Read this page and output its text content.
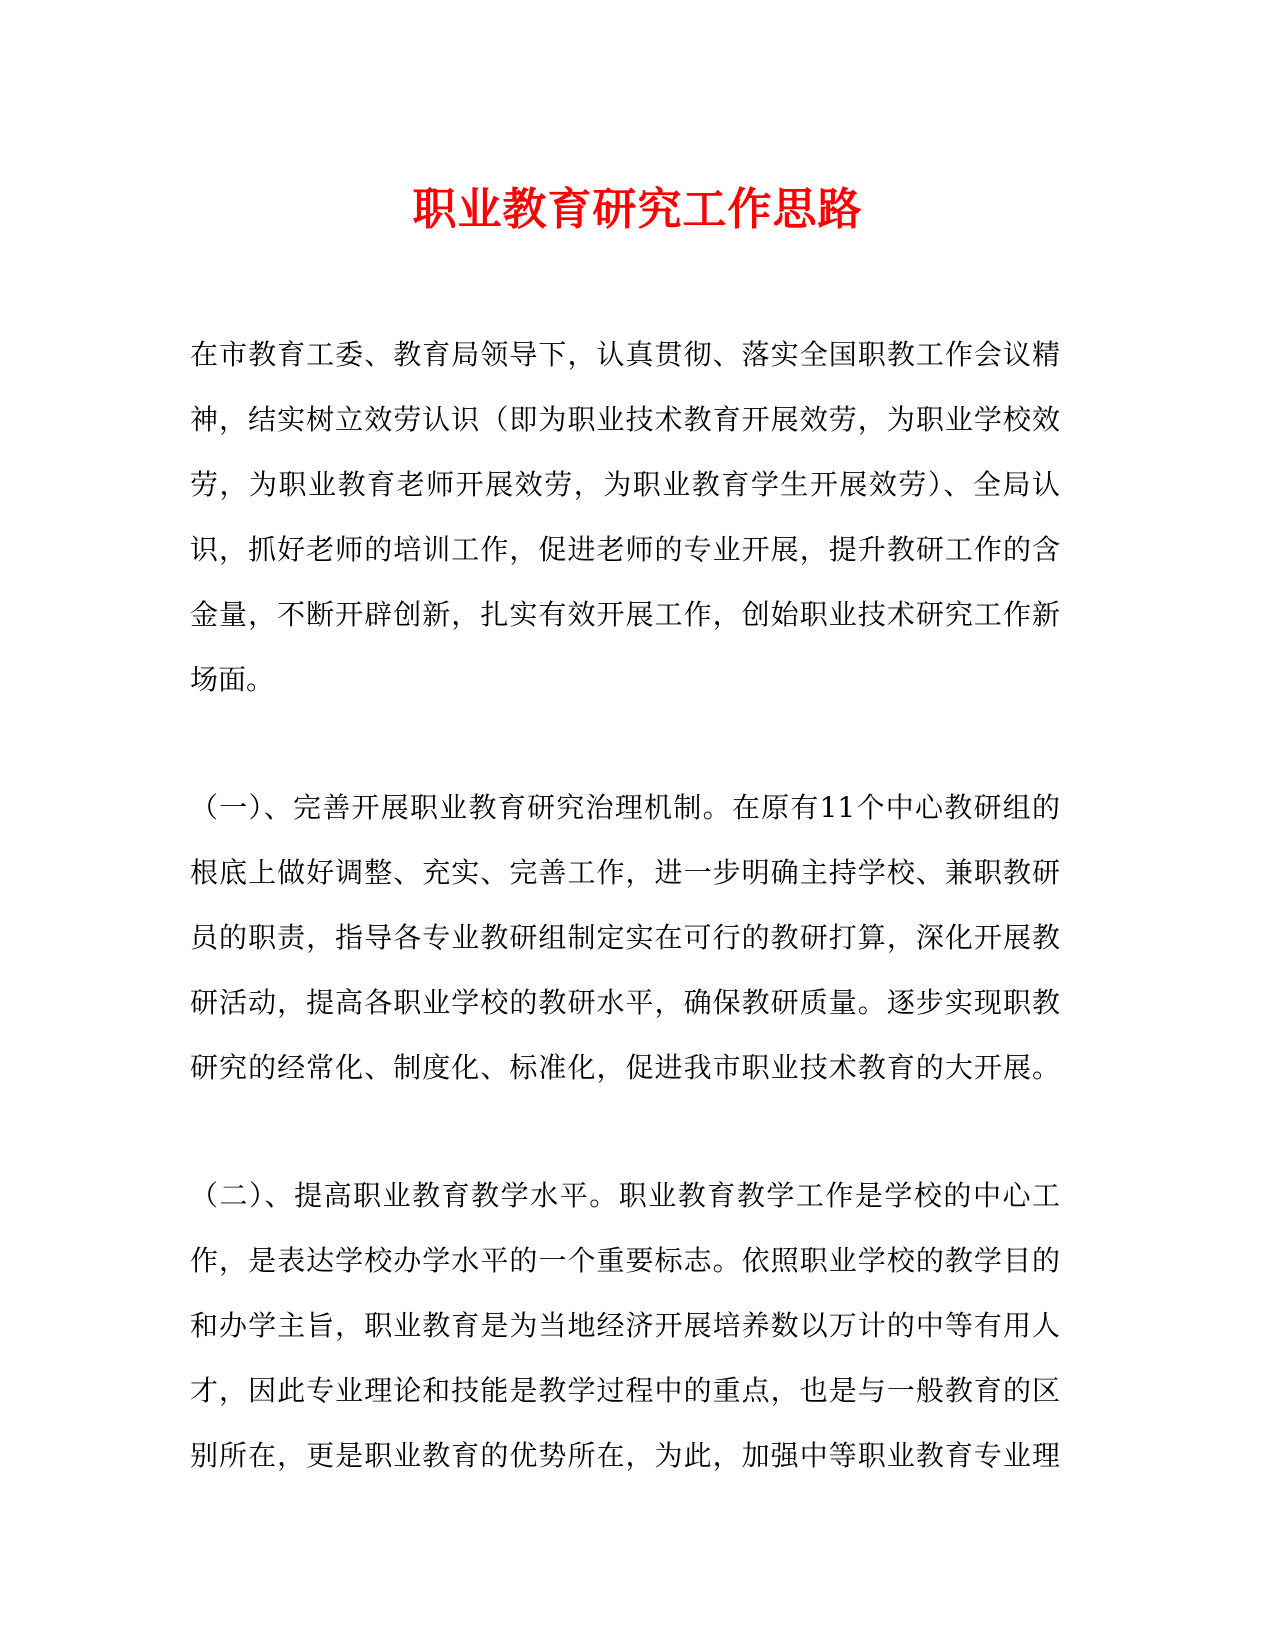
职业教育研究工作思路
在市教育工委、教育局领导下，认真贯彻、落实全国职教工作会议精
神，结实树立效劳认识（即为职业技术教育开展效劳，为职业学校效
劳，为职业教育老师开展效劳，为职业教育学生开展效劳）、全局认
识，抓好老师的培训工作，促进老师的专业开展，提升教研工作的含
金量，不断开辟创新，扎实有效开展工作，创始职业技术研究工作新
场面。
（一）、完善开展职业教育研究治理机制。在原有11个中心教研组的
根底上做好调整、充实、完善工作，进一步明确主持学校、兼职教研
员的职责，指导各专业教研组制定实在可行的教研打算，深化开展教
研活动，提高各职业学校的教研水平，确保教研质量。逐步实现职教
研究的经常化、制度化、标准化，促进我市职业技术教育的大开展。
（二）、提高职业教育教学水平。职业教育教学工作是学校的中心工
作，是表达学校办学水平的一个重要标志。依照职业学校的教学目的
和办学主旨，职业教育是为当地经济开展培养数以万计的中等有用人
才，因此专业理论和技能是教学过程中的重点，也是与一般教育的区
别所在，更是职业教育的优势所在，为此，加强中等职业教育专业理
